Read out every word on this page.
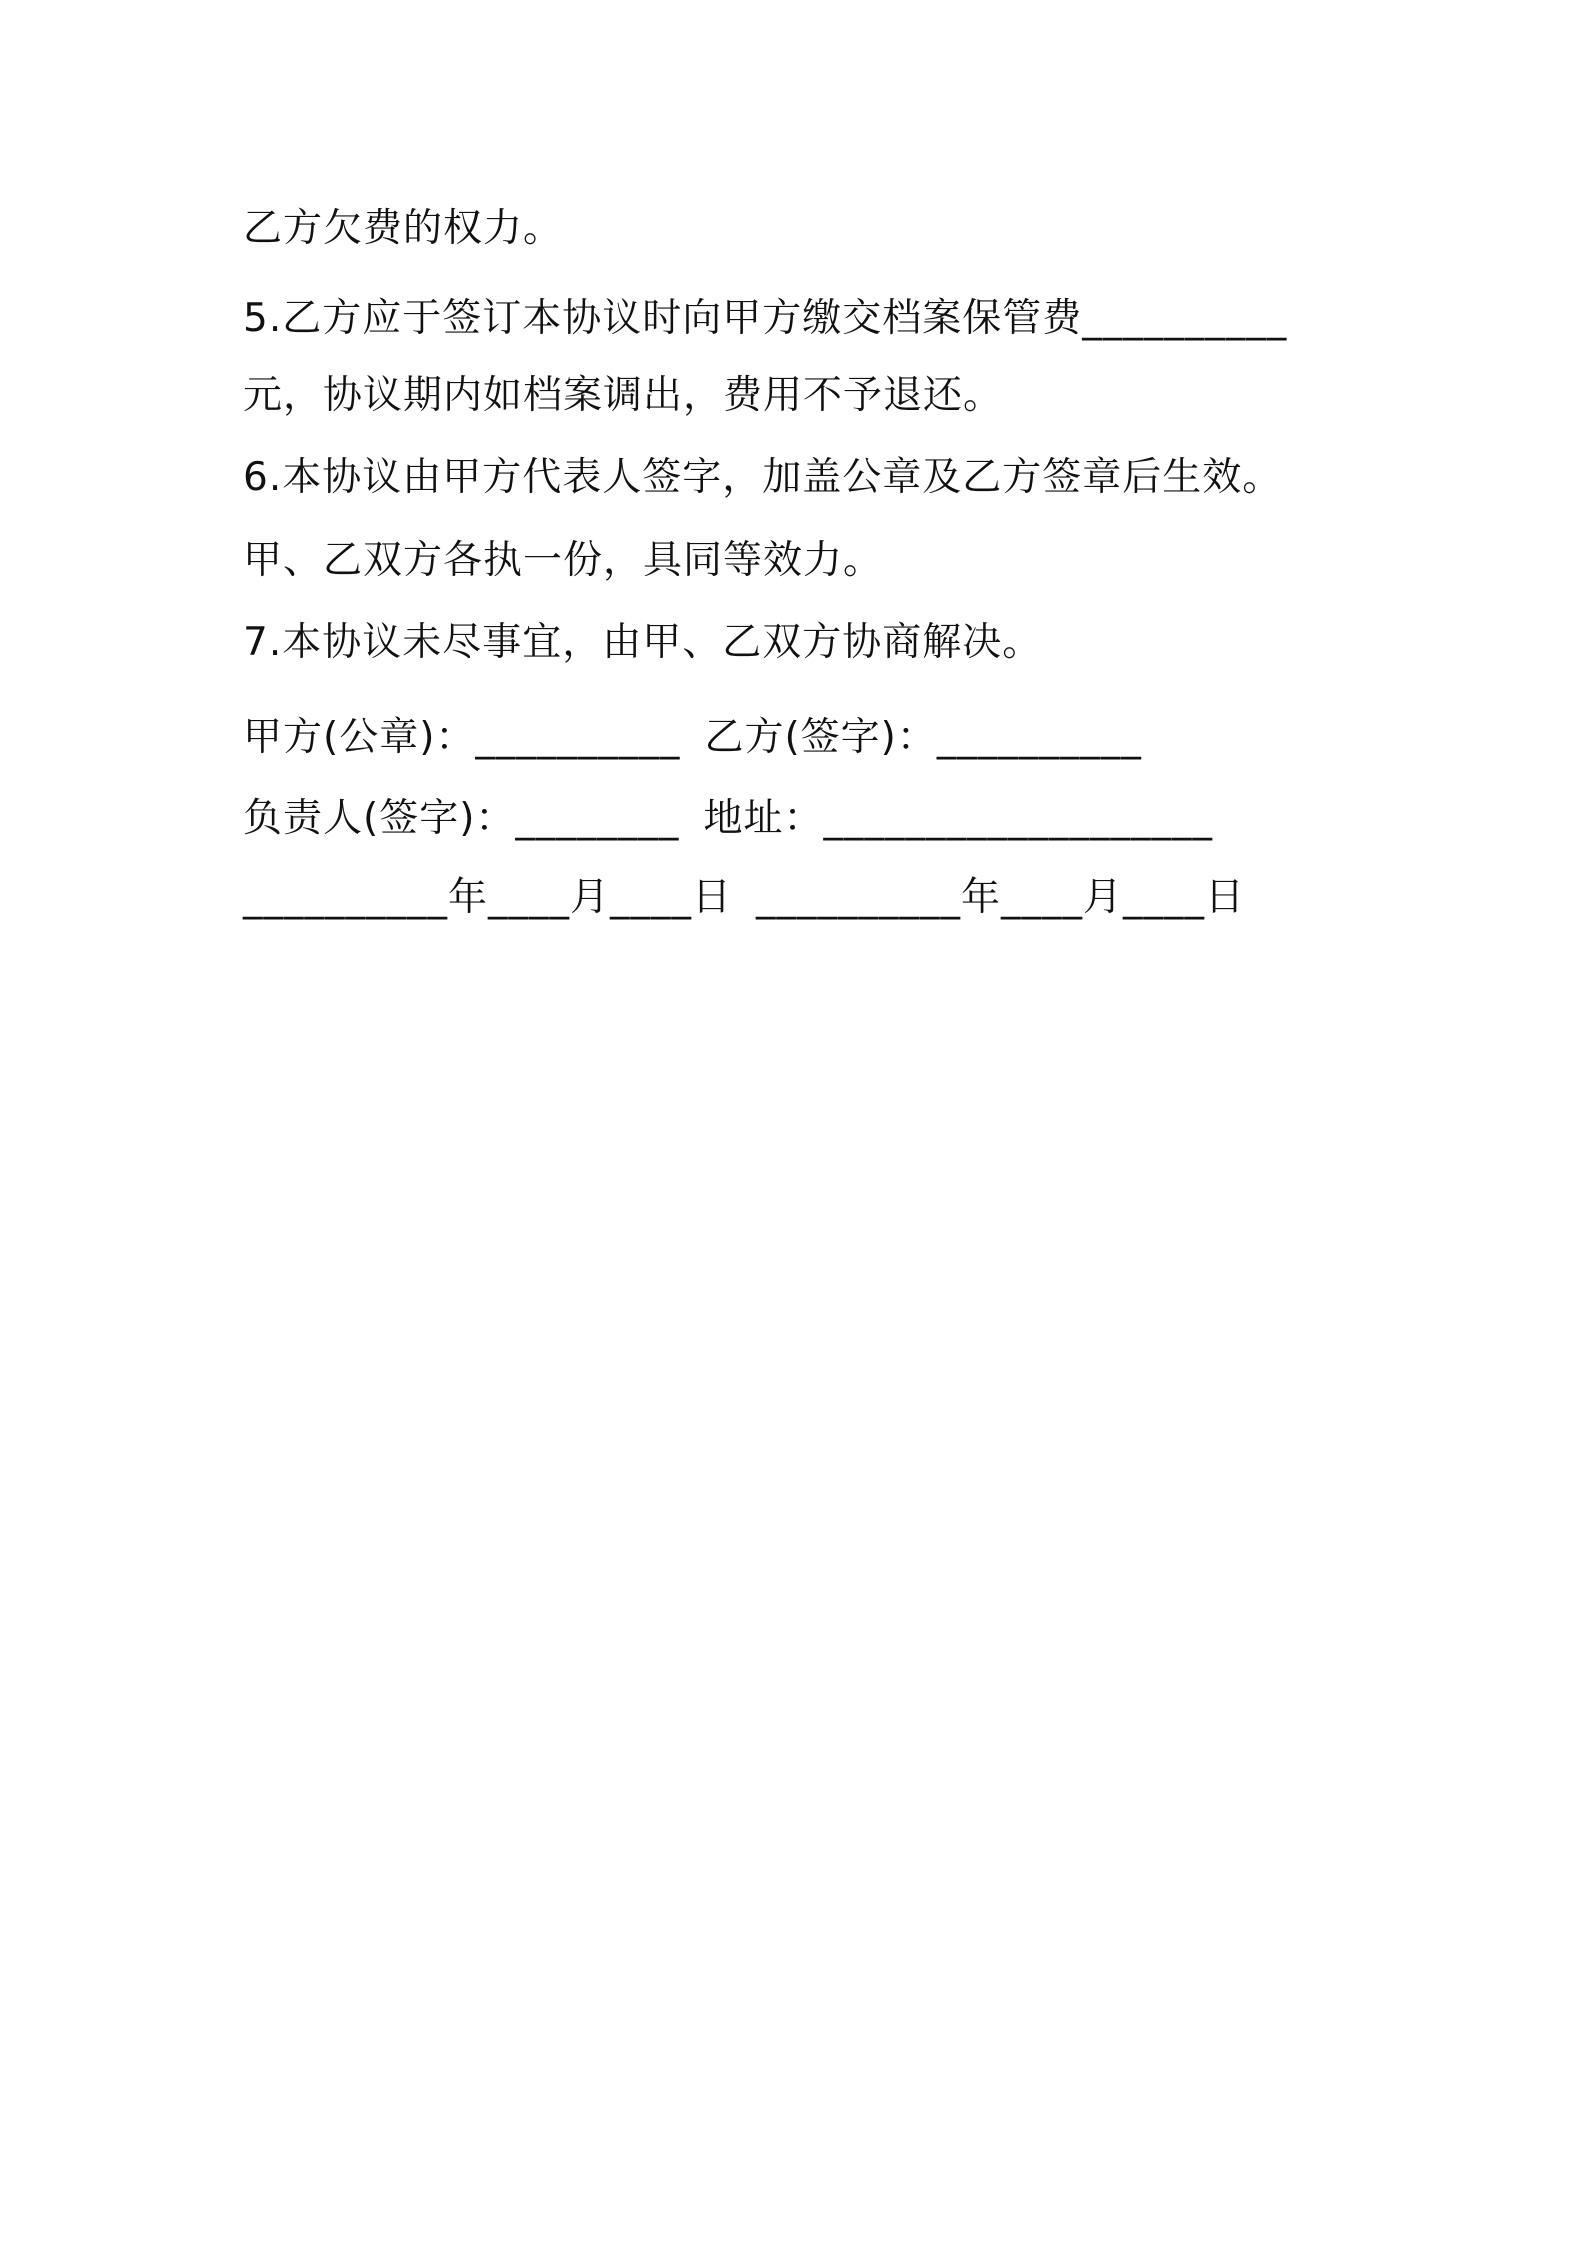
乙方欠费的权力。
5.乙方应于签订本协议时向甲方缴交档案保管费__________
元，协议期内如档案调出，费用不予退还。
6.本协议由甲方代表人签字，加盖公章及乙方签章后生效。
甲、乙双方各执一份，具同等效力。
7.本协议未尽事宜，由甲、乙双方协商解决。
甲方(公章)：__________ 乙方(签字)：__________
负责人(签字)：________ 地址：___________________
__________年____月____日 __________年____月____日
